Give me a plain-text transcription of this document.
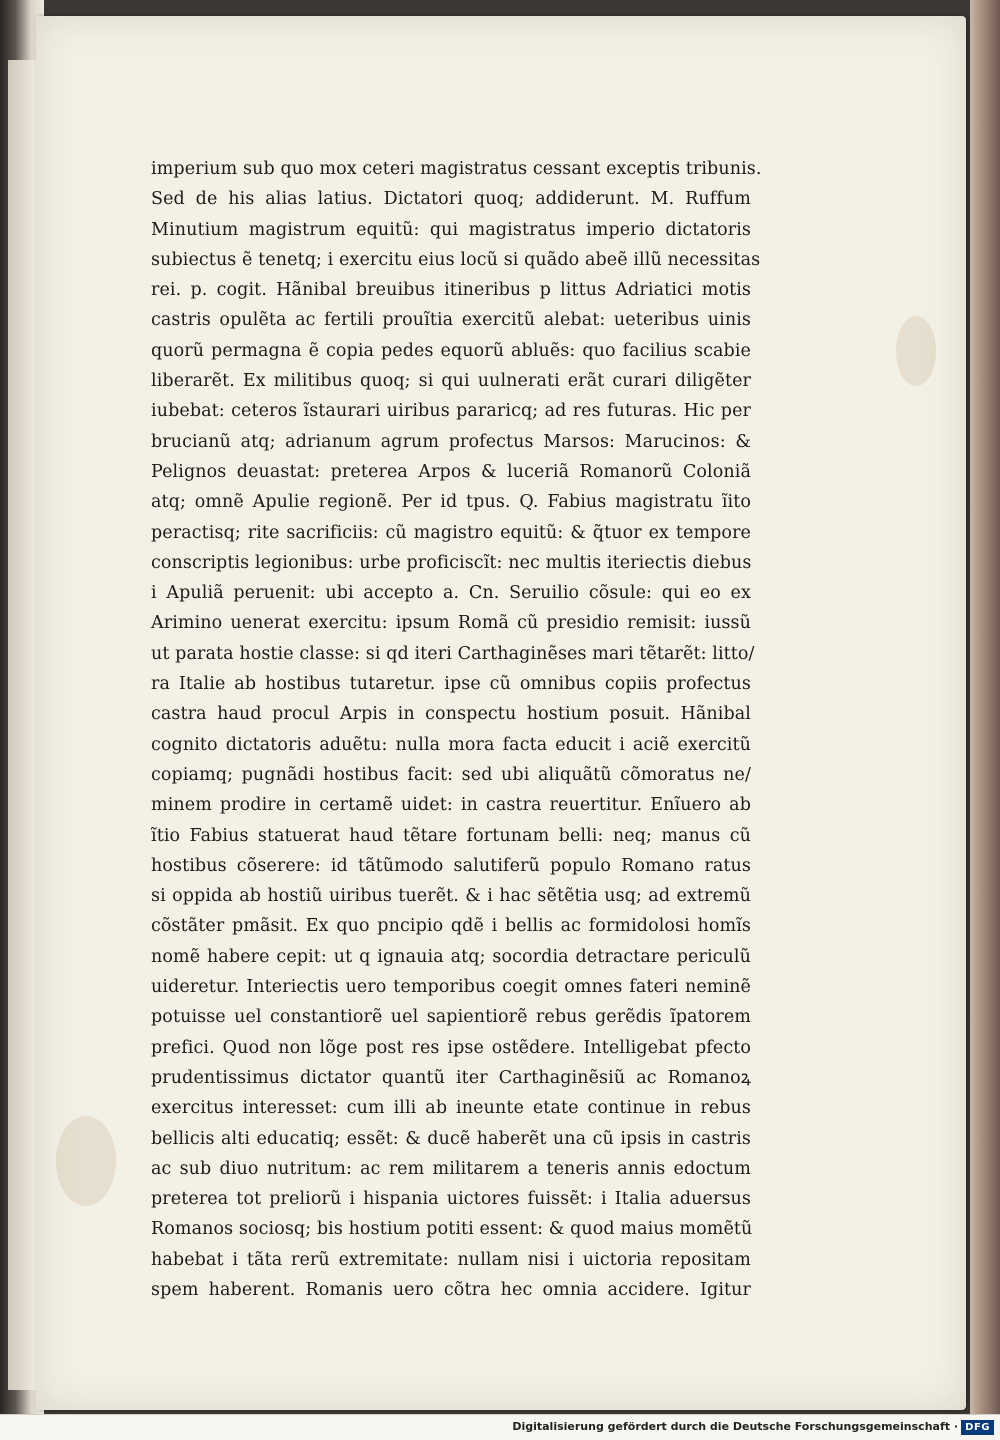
imperium sub quo mox ceteri magistratus cessant exceptis tribunis.
Sed de his alias latius. Dictatori quoq; addiderunt. M. Ruffum
Minutium magistrum equitũ: qui magistratus imperio dictatoris
subiectus ẽ tenetq; i exercitu eius locũ si quãdo abeẽ illũ necessitas
rei. p. cogit. Hãnibal breuibus itineribus p littus Adriatici motis
castris opulẽta ac fertili prouĩtia exercitũ alebat: ueteribus uinis
quorũ permagna ẽ copia pedes equorũ abluẽs: quo facilius scabie
liberarẽt. Ex militibus quoq; si qui uulnerati erãt curari diligẽter
iubebat: ceteros ĩstaurari uiribus pararicq; ad res futuras. Hic per
brucianũ atq; adrianum agrum profectus Marsos: Marucinos: &
Pelignos deuastat: preterea Arpos & luceriã Romanorũ Coloniã
atq; omnẽ Apulie regionẽ. Per id tpus. Q. Fabius magistratu ĩito
peractisq; rite sacrificiis: cũ magistro equitũ: & q̃tuor ex tempore
conscriptis legionibus: urbe proficiscĩt: nec multis iteriectis diebus
i Apuliã peruenit: ubi accepto a. Cn. Seruilio cõsule: qui eo ex
Arimino uenerat exercitu: ipsum Romã cũ presidio remisit: iussũ
ut parata hostie classe: si qd iteri Carthaginẽses mari tẽtarẽt: litto/
ra Italie ab hostibus tutaretur. ipse cũ omnibus copiis profectus
castra haud procul Arpis in conspectu hostium posuit. Hãnibal
cognito dictatoris aduẽtu: nulla mora facta educit i aciẽ exercitũ
copiamq; pugnãdi hostibus facit: sed ubi aliquãtũ cõmoratus ne/
minem prodire in certamẽ uidet: in castra reuertitur. Enĩuero ab
ĩtio Fabius statuerat haud tẽtare fortunam belli: neq; manus cũ
hostibus cõserere: id tãtũmodo salutiferũ populo Romano ratus
si oppida ab hostiũ uiribus tuerẽt. & i hac sẽtẽtia usq; ad extremũ
cõstãter pmãsit. Ex quo pncipio qdẽ i bellis ac formidolosi homĩs
nomẽ habere cepit: ut q ignauia atq; socordia detractare periculũ
uideretur. Interiectis uero temporibus coegit omnes fateri neminẽ
potuisse uel constantiorẽ uel sapientiorẽ rebus gerẽdis ĩpatorem
prefici. Quod non lõge post res ipse ostẽdere. Intelligebat pfecto
prudentissimus dictator quantũ iter Carthaginẽsiũ ac Romanoꝝ
exercitus interesset: cum illi ab ineunte etate continue in rebus
bellicis alti educatiq; essẽt: & ducẽ haberẽt una cũ ipsis in castris
ac sub diuo nutritum: ac rem militarem a teneris annis edoctum
preterea tot preliorũ i hispania uictores fuissẽt: i Italia aduersus
Romanos sociosq; bis hostium potiti essent: & quod maius momẽtũ
habebat i tãta rerũ extremitate: nullam nisi i uictoria repositam
spem haberent. Romanis uero cõtra hec omnia accidere. Igitur
Digitalisierung gefördert durch die Deutsche Forschungsgemeinschaft · DFG
